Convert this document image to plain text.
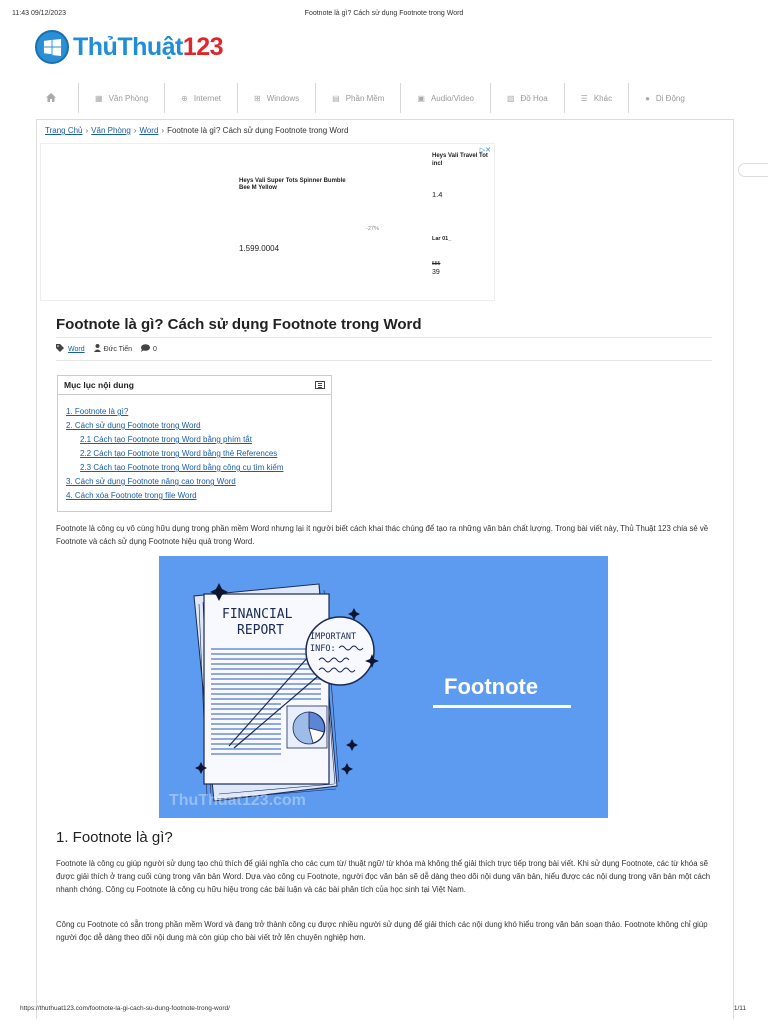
11:43 09/12/2023	Footnote là gì? Cách sử dụng Footnote trong Word
ThủThuật123
▦ Văn Phòng	⊕ Internet	⊞ Windows	▤ Phần Mềm	▣ Audio/Video	▧ Đồ Họa	☰ Khác	● Di Động
Trang Chủ › Văn Phòng › Word › Footnote là gì? Cách sử dụng Footnote trong Word
▷✕
Heys Vali Super Tots Spinner Bumble Bee M Yellow
-27%
1.599.0004
Heys Vali Travel Tot incl
1.4
Lar 01_
555
39
Footnote là gì? Cách sử dụng Footnote trong Word
Word	Đức Tiến	0
Mục lục nội dung
1. Footnote là gì?
2. Cách sử dụng Footnote trong Word
2.1 Cách tạo Footnote trong Word bằng phím tắt
2.2 Cách tạo Footnote trong Word bằng thẻ References
2.3 Cách tạo Footnote trong Word bằng công cụ tìm kiếm
3. Cách sử dụng Footnote nâng cao trong Word
4. Cách xóa Footnote trong file Word

Footnote là công cụ vô cùng hữu dụng trong phần mềm Word nhưng lại ít người biết cách khai thác chúng để tạo ra những văn bản chất lượng. Trong bài viết này, Thủ Thuật 123 chia sẻ về Footnote và cách sử dụng Footnote hiệu quả trong Word.

FINANCIAL
REPORT	IMPORTANT
INFO:
Footnote
ThuThuat123.com
1. Footnote là gì?

Footnote là công cụ giúp người sử dụng tạo chú thích để giải nghĩa cho các cụm từ/ thuật ngữ/ từ khóa mà không thể giải thích trực tiếp trong bài viết. Khi sử dụng Footnote, các từ khóa sẽ được giải thích ở trang cuối cùng trong văn bản Word. Dựa vào công cụ Footnote, người đọc văn bản sẽ dễ dàng theo dõi nội dung văn bản, hiểu được các nội dung trong văn bản một cách nhanh chóng. Công cụ Footnote là công cụ hữu hiệu trong các bài luận và các bài phân tích của học sinh tại Việt Nam.

Công cụ Footnote có sẵn trong phần mềm Word và đang trở thành công cụ được nhiều người sử dụng để giải thích các nội dung khó hiểu trong văn bản soạn thảo. Footnote không chỉ giúp người đọc dễ dàng theo dõi nội dung mà còn giúp cho bài viết trở lên chuyên nghiệp hơn.

https://thuthuat123.com/footnote-la-gi-cach-su-dung-footnote-trong-word/	1/11
